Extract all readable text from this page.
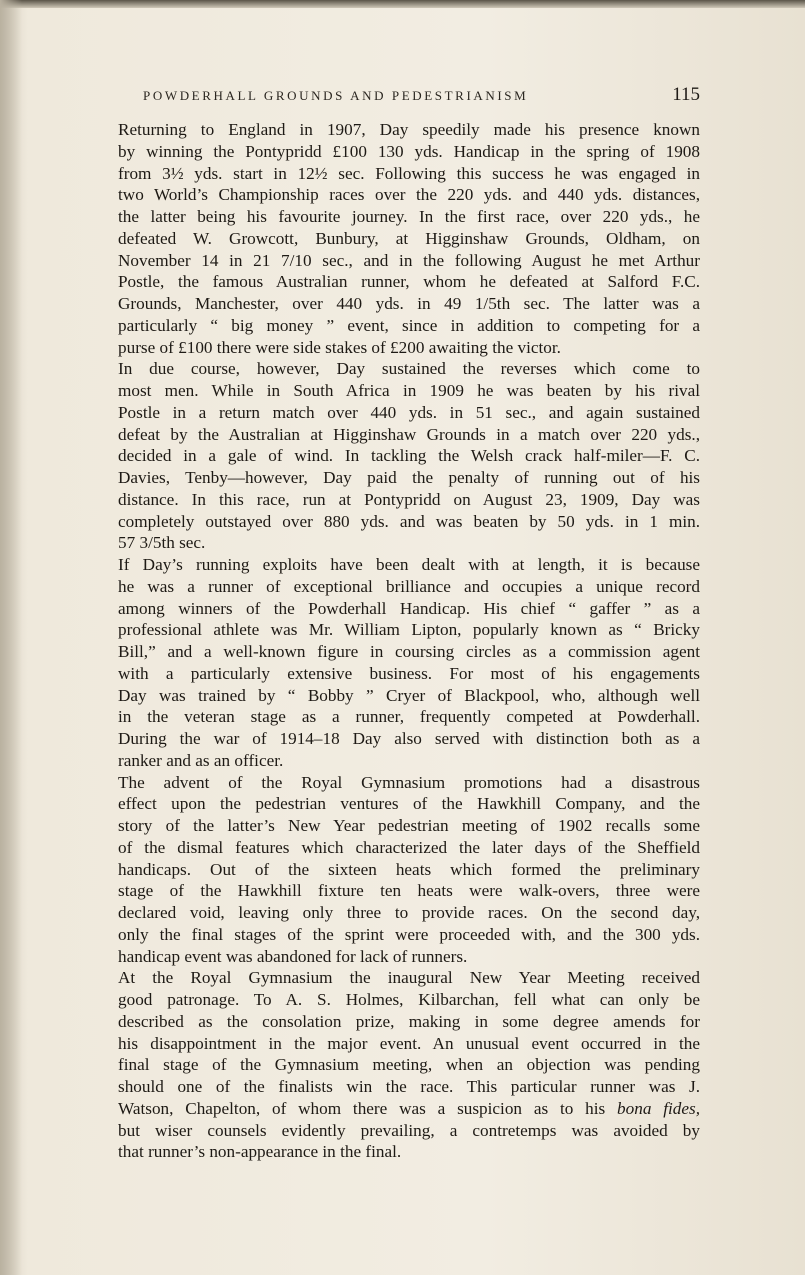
POWDERHALL GROUNDS AND PEDESTRIANISM	115

Returning to England in 1907, Day speedily made his presence known
by winning the Pontypridd £100 130 yds. Handicap in the spring of 1908
from 3½ yds. start in 12½ sec. Following this success he was engaged in
two World’s Championship races over the 220 yds. and 440 yds. distances,
the latter being his favourite journey. In the first race, over 220 yds., he
defeated W. Growcott, Bunbury, at Higginshaw Grounds, Oldham, on
November 14 in 21 7/10 sec., and in the following August he met Arthur
Postle, the famous Australian runner, whom he defeated at Salford F.C.
Grounds, Manchester, over 440 yds. in 49 1/5th sec. The latter was a
particularly “ big money ” event, since in addition to competing for a
purse of £100 there were side stakes of £200 awaiting the victor.

In due course, however, Day sustained the reverses which come to
most men. While in South Africa in 1909 he was beaten by his rival
Postle in a return match over 440 yds. in 51 sec., and again sustained
defeat by the Australian at Higginshaw Grounds in a match over 220 yds.,
decided in a gale of wind. In tackling the Welsh crack half-miler—F. C.
Davies, Tenby—however, Day paid the penalty of running out of his
distance. In this race, run at Pontypridd on August 23, 1909, Day was
completely outstayed over 880 yds. and was beaten by 50 yds. in 1 min.
57 3/5th sec.

If Day’s running exploits have been dealt with at length, it is because
he was a runner of exceptional brilliance and occupies a unique record
among winners of the Powderhall Handicap. His chief “ gaffer ” as a
professional athlete was Mr. William Lipton, popularly known as “ Bricky
Bill,” and a well-known figure in coursing circles as a commission agent
with a particularly extensive business. For most of his engagements
Day was trained by “ Bobby ” Cryer of Blackpool, who, although well
in the veteran stage as a runner, frequently competed at Powderhall.
During the war of 1914–18 Day also served with distinction both as a
ranker and as an officer.

The advent of the Royal Gymnasium promotions had a disastrous
effect upon the pedestrian ventures of the Hawkhill Company, and the
story of the latter’s New Year pedestrian meeting of 1902 recalls some
of the dismal features which characterized the later days of the Sheffield
handicaps. Out of the sixteen heats which formed the preliminary
stage of the Hawkhill fixture ten heats were walk-overs, three were
declared void, leaving only three to provide races. On the second day,
only the final stages of the sprint were proceeded with, and the 300 yds.
handicap event was abandoned for lack of runners.

At the Royal Gymnasium the inaugural New Year Meeting received
good patronage. To A. S. Holmes, Kilbarchan, fell what can only be
described as the consolation prize, making in some degree amends for
his disappointment in the major event. An unusual event occurred in the
final stage of the Gymnasium meeting, when an objection was pending
should one of the finalists win the race. This particular runner was J.
Watson, Chapelton, of whom there was a suspicion as to his bona fides,
but wiser counsels evidently prevailing, a contretemps was avoided by
that runner’s non-appearance in the final.
